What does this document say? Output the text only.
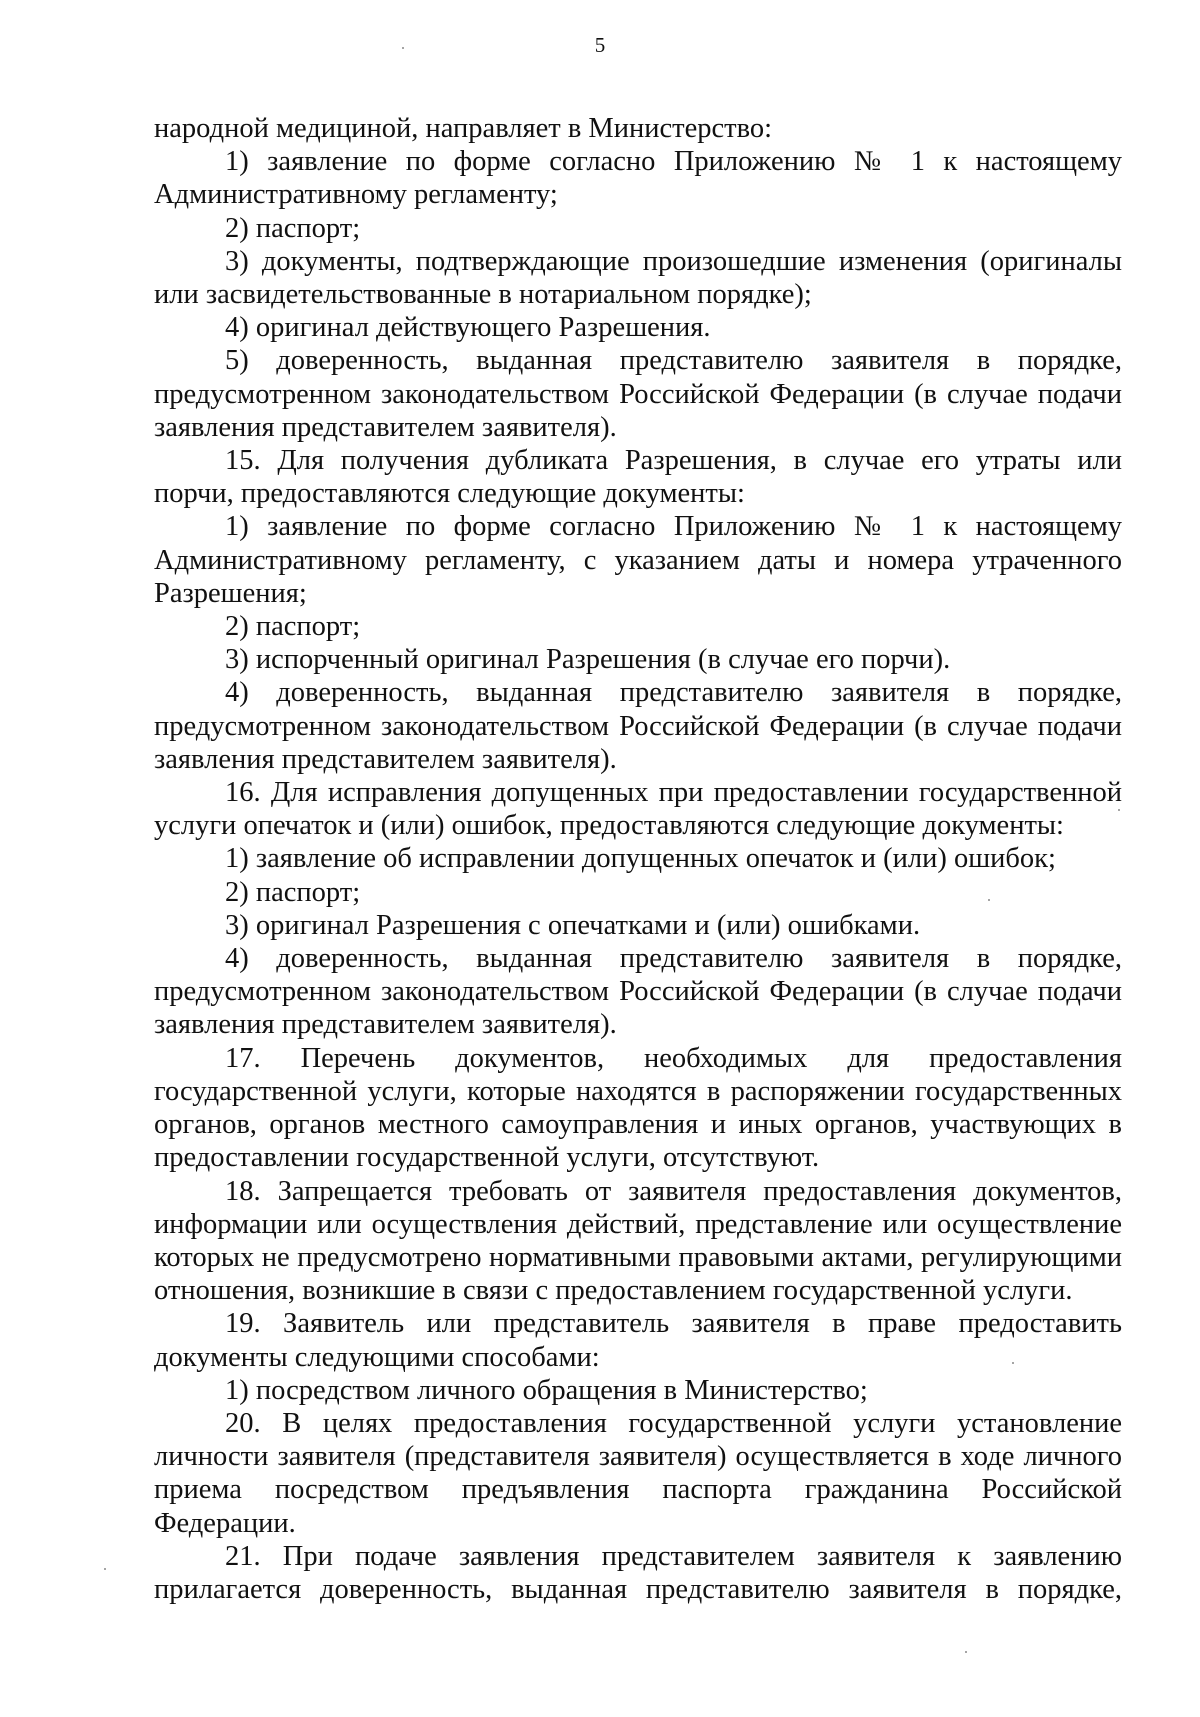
5

народной медициной, направляет в Министерство:

1) заявление по форме согласно Приложению № 1 к настоящему Административному регламенту;

2) паспорт;

3) документы, подтверждающие произошедшие изменения (оригиналы или засвидетельствованные в нотариальном порядке);

4) оригинал действующего Разрешения.

5) доверенность, выданная представителю заявителя в порядке, предусмотренном законодательством Российской Федерации (в случае подачи заявления представителем заявителя).

15. Для получения дубликата Разрешения, в случае его утраты или порчи, предоставляются следующие документы:

1) заявление по форме согласно Приложению № 1 к настоящему Административному регламенту, с указанием даты и номера утраченного Разрешения;

2) паспорт;

3) испорченный оригинал Разрешения (в случае его порчи).

4) доверенность, выданная представителю заявителя в порядке, предусмотренном законодательством Российской Федерации (в случае подачи заявления представителем заявителя).

16. Для исправления допущенных при предоставлении государственной услуги опечаток и (или) ошибок, предоставляются следующие документы:

1) заявление об исправлении допущенных опечаток и (или) ошибок;

2) паспорт;

3) оригинал Разрешения с опечатками и (или) ошибками.

4) доверенность, выданная представителю заявителя в порядке, предусмотренном законодательством Российской Федерации (в случае подачи заявления представителем заявителя).

17. Перечень документов, необходимых для предоставления государственной услуги, которые находятся в распоряжении государственных органов, органов местного самоуправления и иных органов, участвующих в предоставлении государственной услуги, отсутствуют.

18. Запрещается требовать от заявителя предоставления документов, информации или осуществления действий, представление или осуществление которых не предусмотрено нормативными правовыми актами, регулирующими отношения, возникшие в связи с предоставлением государственной услуги.

19. Заявитель или представитель заявителя в праве предоставить документы следующими способами:

1) посредством личного обращения в Министерство;

20. В целях предоставления государственной услуги установление личности заявителя (представителя заявителя) осуществляется в ходе личного приема посредством предъявления паспорта гражданина Российской Федерации.

21. При подаче заявления представителем заявителя к заявлению прилагается доверенность, выданная представителю заявителя в порядке,
